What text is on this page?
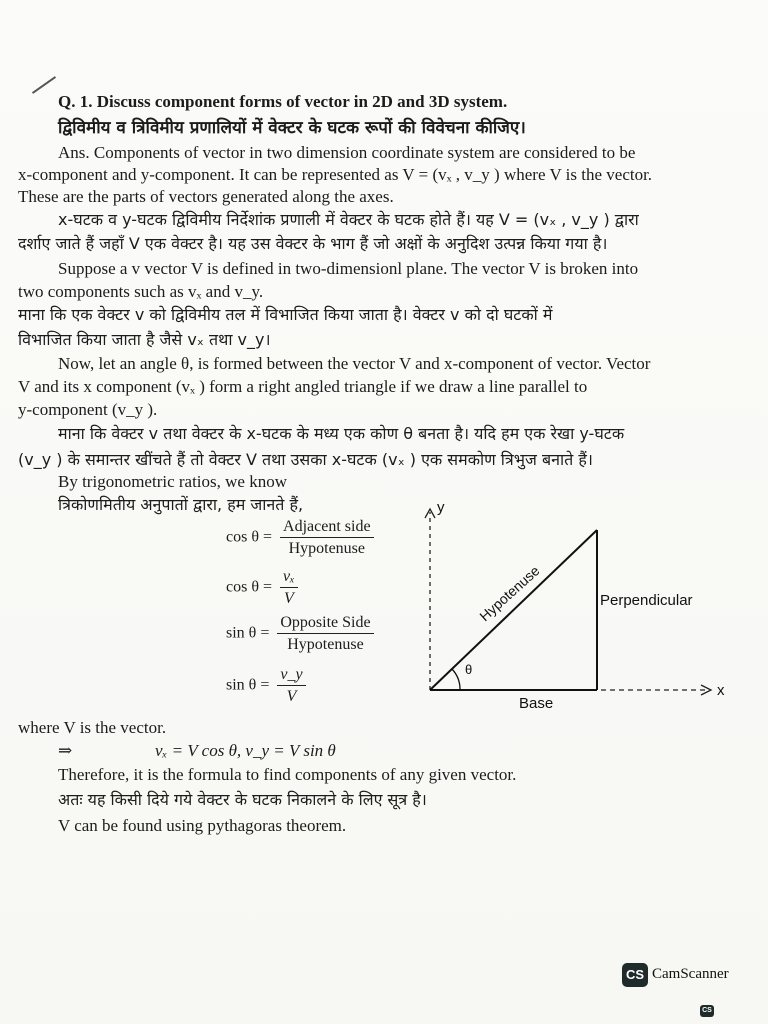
Q. 1. Discuss component forms of vector in 2D and 3D system.
द्विविमीय व त्रिविमीय प्रणालियों में वेक्टर के घटक रूपों की विवेचना कीजिए।
Ans. Components of vector in two dimension coordinate system are considered to be
x-component and y-component. It can be represented as V = (vₓ , v_y ) where V is the vector.
These are the parts of vectors generated along the axes.
x-घटक व y-घटक द्विविमीय निर्देशांक प्रणाली में वेक्टर के घटक होते हैं। यह V = (vₓ , v_y ) द्वारा
दर्शाए जाते हैं जहाँ V एक वेक्टर है। यह उस वेक्टर के भाग हैं जो अक्षों के अनुदिश उत्पन्न किया गया है।
Suppose a v vector V is defined in two-dimensionl plane. The vector V is broken into
two components such as vₓ and v_y.
माना कि एक वेक्टर v को द्विविमीय तल में विभाजित किया जाता है। वेक्टर v को दो घटकों में
विभाजित किया जाता है जैसे vₓ तथा v_y।
Now, let an angle θ, is formed between the vector V and x-component of vector. Vector
V and its x component (vₓ ) form a right angled triangle if we draw a line parallel to
y-component (v_y ).
माना कि वेक्टर v तथा वेक्टर के x-घटक के मध्य एक कोण θ बनता है। यदि हम एक रेखा y-घटक
(v_y ) के समान्तर खींचते हैं तो वेक्टर V तथा उसका x-घटक (vₓ ) एक समकोण त्रिभुज बनाते हैं।
By trigonometric ratios, we know
त्रिकोणमितीय अनुपातों द्वारा, हम जानते हैं,
$\cos \theta = \frac{\text{Adjacent side}}{\text{Hypotenuse}}$
$\cos \theta = \frac{\text{vₓ}}{V}$
$\sin \theta = \frac{\text{Opposite Side}}{\text{Hypotenuse}}$
$\sin \theta = \frac{v\_y}{V}$
y
x
Hypotenuse	Perpendicular
Base
θ
where V is the vector.
⇒	vₓ = V cos θ, v_y = V sin θ
Therefore, it is the formula to find components of any given vector.
अतः यह किसी दिये गये वेक्टर के घटक निकालने के लिए सूत्र है।
V can be found using pythagoras theorem.
CS CamScanner
CS
